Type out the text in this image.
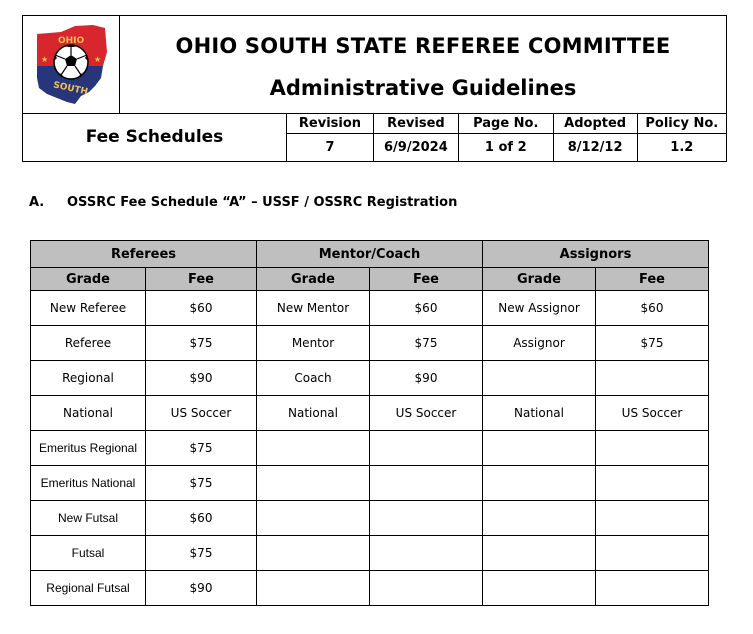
★	★
OHIO
SOUTH
OHIO SOUTH STATE REFEREE COMMITTEE
Administrative Guidelines
Fee Schedules
Revision	Revised	Page No.	Adopted	Policy No.
7	6/9/2024	1 of 2	8/12/12	1.2
A. OSSRC Fee Schedule “A” – USSF / OSSRC Registration
Referees		Mentor/Coach		Assignors	
Grade	Fee	Grade	Fee	Grade	Fee
New Referee	$60	New Mentor	$60	New Assignor	$60
Referee	$75	Mentor	$75	Assignor	$75
Regional	$90	Coach	$90		
National	US Soccer	National	US Soccer	National	US Soccer
Emeritus Regional	$75				
Emeritus National	$75				
New Futsal	$60				
Futsal	$75				
Regional Futsal	$90				
